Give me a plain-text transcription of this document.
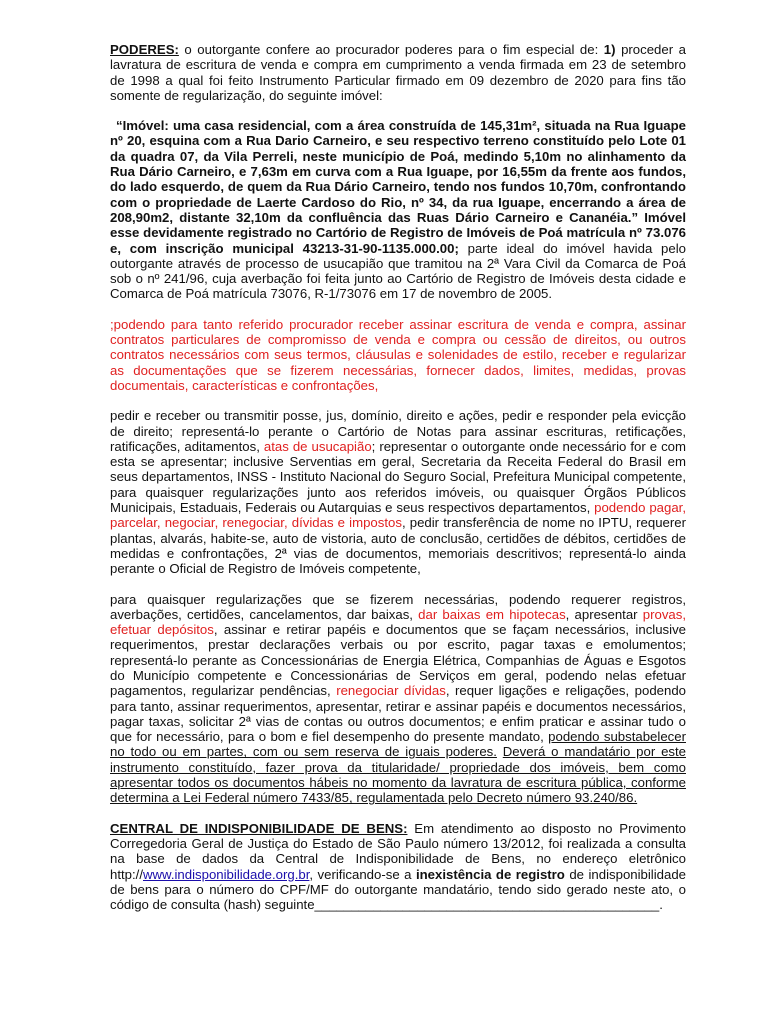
PODERES: o outorgante confere ao procurador poderes para o fim especial de: 1) proceder a lavratura de escritura de venda e compra em cumprimento a venda firmada em 23 de setembro de 1998 a qual foi feito Instrumento Particular firmado em 09 dezembro de 2020 para fins tão somente de regularização, do seguinte imóvel:

“Imóvel: uma casa residencial, com a área construída de 145,31m², situada na Rua Iguape nº 20, esquina com a Rua Dario Carneiro, e seu respectivo terreno constituído pelo Lote 01 da quadra 07, da Vila Perreli, neste município de Poá, medindo 5,10m no alinhamento da Rua Dário Carneiro, e 7,63m em curva com a Rua Iguape, por 16,55m da frente aos fundos, do lado esquerdo, de quem da Rua Dário Carneiro, tendo nos fundos 10,70m, confrontando com o propriedade de Laerte Cardoso do Rio, nº 34, da rua Iguape, encerrando a área de 208,90m2, distante 32,10m da confluência das Ruas Dário Carneiro e Cananéia.” Imóvel esse devidamente registrado no Cartório de Registro de Imóveis de Poá matrícula nº 73.076 e, com inscrição municipal 43213-31-90-1135.000.00; parte ideal do imóvel havida pelo outorgante através de processo de usucapião que tramitou na 2ª Vara Civil da Comarca de Poá sob o nº 241/96, cuja averbação foi feita junto ao Cartório de Registro de Imóveis desta cidade e Comarca de Poá matrícula 73076, R-1/73076 em 17 de novembro de 2005.

;podendo para tanto referido procurador receber assinar escritura de venda e compra, assinar contratos particulares de compromisso de venda e compra ou cessão de direitos, ou outros contratos necessários com seus termos, cláusulas e solenidades de estilo, receber e regularizar as documentações que se fizerem necessárias, fornecer dados, limites, medidas, provas documentais, características e confrontações,

pedir e receber ou transmitir posse, jus, domínio, direito e ações, pedir e responder pela evicção de direito; representá-lo perante o Cartório de Notas para assinar escrituras, retificações, ratificações, aditamentos, atas de usucapião; representar o outorgante onde necessário for e com esta se apresentar; inclusive Serventias em geral, Secretaria da Receita Federal do Brasil em seus departamentos, INSS - Instituto Nacional do Seguro Social, Prefeitura Municipal competente, para quaisquer regularizações junto aos referidos imóveis, ou quaisquer Órgãos Públicos Municipais, Estaduais, Federais ou Autarquias e seus respectivos departamentos, podendo pagar, parcelar, negociar, renegociar, dívidas e impostos, pedir transferência de nome no IPTU, requerer plantas, alvarás, habite-se, auto de vistoria, auto de conclusão, certidões de débitos, certidões de medidas e confrontações, 2ª vias de documentos, memoriais descritivos; representá-lo ainda perante o Oficial de Registro de Imóveis competente,

para quaisquer regularizações que se fizerem necessárias, podendo requerer registros, averbações, certidões, cancelamentos, dar baixas, dar baixas em hipotecas, apresentar provas, efetuar depósitos, assinar e retirar papéis e documentos que se façam necessários, inclusive requerimentos, prestar declarações verbais ou por escrito, pagar taxas e emolumentos; representá-lo perante as Concessionárias de Energia Elétrica, Companhias de Águas e Esgotos do Município competente e Concessionárias de Serviços em geral, podendo nelas efetuar pagamentos, regularizar pendências, renegociar dívidas, requer ligações e religações, podendo para tanto, assinar requerimentos, apresentar, retirar e assinar papéis e documentos necessários, pagar taxas, solicitar 2ª vias de contas ou outros documentos; e enfim praticar e assinar tudo o que for necessário, para o bom e fiel desempenho do presente mandato, podendo substabelecer no todo ou em partes, com ou sem reserva de iguais poderes. Deverá o mandatário por este instrumento constituído, fazer prova da titularidade/ propriedade dos imóveis, bem como apresentar todos os documentos hábeis no momento da lavratura de escritura pública, conforme determina a Lei Federal número 7433/85, regulamentada pelo Decreto número 93.240/86.

CENTRAL DE INDISPONIBILIDADE DE BENS: Em atendimento ao disposto no Provimento Corregedoria Geral de Justiça do Estado de São Paulo número 13/2012, foi realizada a consulta na base de dados da Central de Indisponibilidade de Bens, no endereço eletrônico http://www.indisponibilidade.org.br, verificando-se a inexistência de registro de indisponibilidade de bens para o número do CPF/MF do outorgante mandatário, tendo sido gerado neste ato, o código de consulta (hash) seguinte_______________________________________________.
